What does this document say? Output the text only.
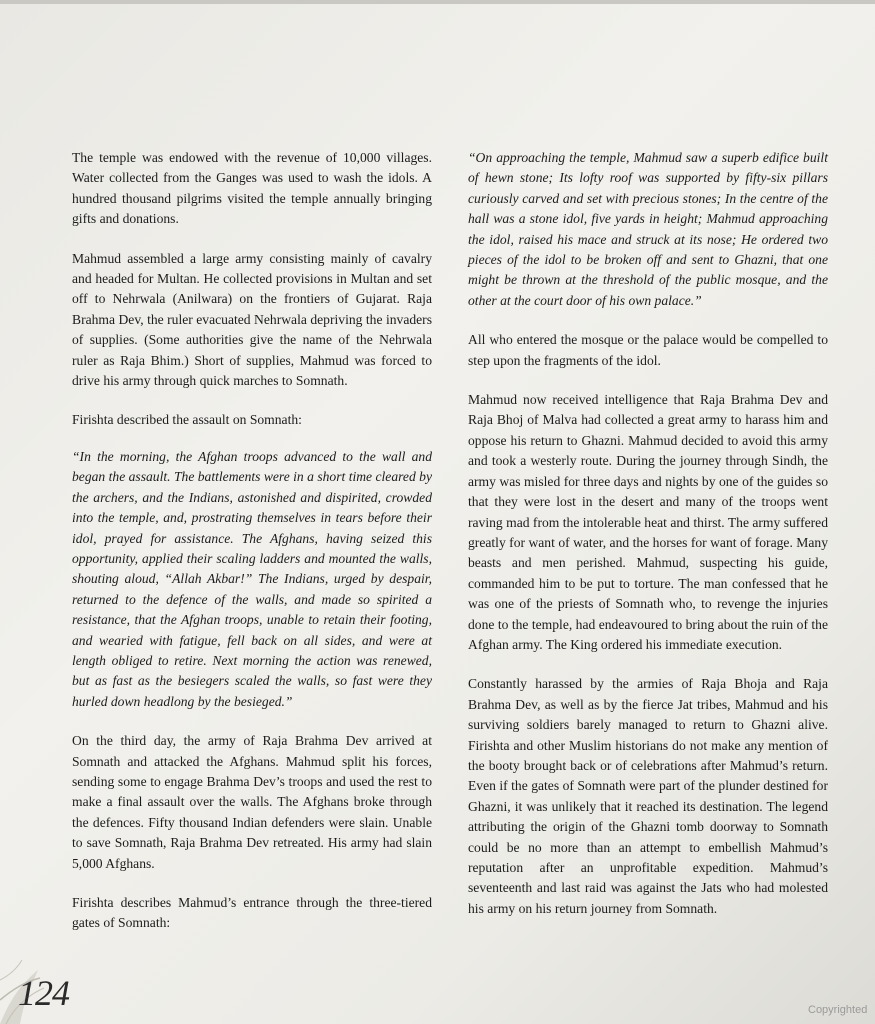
The temple was endowed with the revenue of 10,000 villages. Water collected from the Ganges was used to wash the idols. A hundred thousand pilgrims visited the temple annually bringing gifts and donations.

Mahmud assembled a large army consisting mainly of cavalry and headed for Multan. He collected provisions in Multan and set off to Nehrwala (Anilwara) on the frontiers of Gujarat. Raja Brahma Dev, the ruler evacuated Nehrwala depriving the invaders of supplies. (Some authorities give the name of the Nehrwala ruler as Raja Bhim.) Short of supplies, Mahmud was forced to drive his army through quick marches to Somnath.

Firishta described the assault on Somnath:

“In the morning, the Afghan troops advanced to the wall and began the assault. The battlements were in a short time cleared by the archers, and the Indians, astonished and dispirited, crowded into the temple, and, prostrating themselves in tears before their idol, prayed for assistance. The Afghans, having seized this opportunity, applied their scaling ladders and mounted the walls, shouting aloud, “Allah Akbar!” The Indians, urged by despair, returned to the defence of the walls, and made so spirited a resistance, that the Afghan troops, unable to retain their footing, and wearied with fatigue, fell back on all sides, and were at length obliged to retire. Next morning the action was renewed, but as fast as the besiegers scaled the walls, so fast were they hurled down headlong by the besieged.”

On the third day, the army of Raja Brahma Dev arrived at Somnath and attacked the Afghans. Mahmud split his forces, sending some to engage Brahma Dev’s troops and used the rest to make a final assault over the walls. The Afghans broke through the defences. Fifty thousand Indian defenders were slain. Unable to save Somnath, Raja Brahma Dev retreated. His army had slain 5,000 Afghans.

Firishta describes Mahmud’s entrance through the three-tiered gates of Somnath:

“On approaching the temple, Mahmud saw a superb edifice built of hewn stone; Its lofty roof was supported by fifty-six pillars curiously carved and set with precious stones; In the centre of the hall was a stone idol, five yards in height; Mahmud approaching the idol, raised his mace and struck at its nose; He ordered two pieces of the idol to be broken off and sent to Ghazni, that one might be thrown at the threshold of the public mosque, and the other at the court door of his own palace.”

All who entered the mosque or the palace would be compelled to step upon the fragments of the idol.

Mahmud now received intelligence that Raja Brahma Dev and Raja Bhoj of Malva had collected a great army to harass him and oppose his return to Ghazni. Mahmud decided to avoid this army and took a westerly route. During the journey through Sindh, the army was misled for three days and nights by one of the guides so that they were lost in the desert and many of the troops went raving mad from the intolerable heat and thirst. The army suffered greatly for want of water, and the horses for want of forage. Many beasts and men perished. Mahmud, suspecting his guide, commanded him to be put to torture. The man confessed that he was one of the priests of Somnath who, to revenge the injuries done to the temple, had endeavoured to bring about the ruin of the Afghan army. The King ordered his immediate execution.

Constantly harassed by the armies of Raja Bhoja and Raja Brahma Dev, as well as by the fierce Jat tribes, Mahmud and his surviving soldiers barely managed to return to Ghazni alive. Firishta and other Muslim historians do not make any mention of the booty brought back or of celebrations after Mahmud’s return. Even if the gates of Somnath were part of the plunder destined for Ghazni, it was unlikely that it reached its destination. The legend attributing the origin of the Ghazni tomb doorway to Somnath could be no more than an attempt to embellish Mahmud’s reputation after an unprofitable expedition. Mahmud’s seventeenth and last raid was against the Jats who had molested his army on his return journey from Somnath.

124	Copyrighted
